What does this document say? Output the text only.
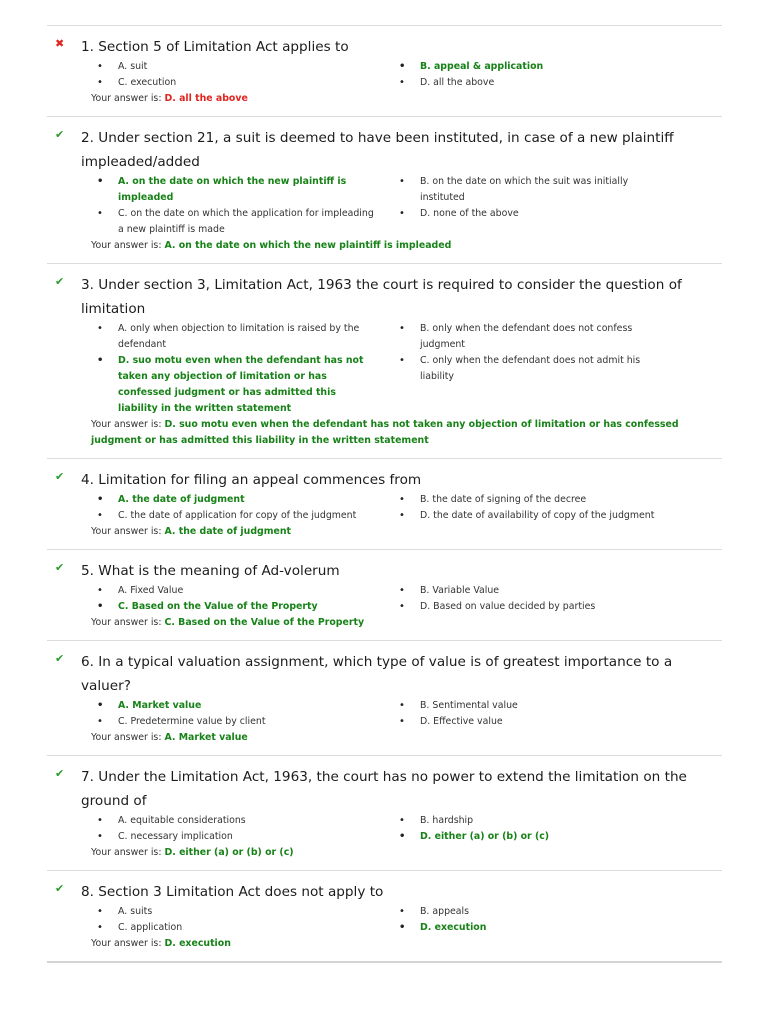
✖ 1. Section 5 of Limitation Act applies to
• A. suit	• B. appeal & application
• C. execution	• D. all the above
Your answer is: D. all the above
✔ 2. Under section 21, a suit is deemed to have been instituted, in case of a new plaintiff impleaded/added
• A. on the date on which the new plaintiff is impleaded
• B. on the date on which the suit was initially instituted
• C. on the date on which the application for impleading a new plaintiff is made
• D. none of the above
Your answer is: A. on the date on which the new plaintiff is impleaded
✔ 3. Under section 3, Limitation Act, 1963 the court is required to consider the question of limitation
• A. only when objection to limitation is raised by the defendant
• B. only when the defendant does not confess judgment
• D. suo motu even when the defendant has not taken any objection of limitation or has confessed judgment or has admitted this liability in the written statement
• C. only when the defendant does not admit his liability
Your answer is: D. suo motu even when the defendant has not taken any objection of limitation or has confessed judgment or has admitted this liability in the written statement
✔ 4. Limitation for filing an appeal commences from
• A. the date of judgment	• B. the date of signing of the decree
• C. the date of application for copy of the judgment	• D. the date of availability of copy of the judgment
Your answer is: A. the date of judgment
✔ 5. What is the meaning of Ad-volerum
• A. Fixed Value	• B. Variable Value
• C. Based on the Value of the Property	• D. Based on value decided by parties
Your answer is: C. Based on the Value of the Property
✔ 6. In a typical valuation assignment, which type of value is of greatest importance to a valuer?
• A. Market value	• B. Sentimental value
• C. Predetermine value by client	• D. Effective value
Your answer is: A. Market value
✔ 7. Under the Limitation Act, 1963, the court has no power to extend the limitation on the ground of
• A. equitable considerations	• B. hardship
• C. necessary implication	• D. either (a) or (b) or (c)
Your answer is: D. either (a) or (b) or (c)
✔ 8. Section 3 Limitation Act does not apply to
• A. suits	• B. appeals
• C. application	• D. execution
Your answer is: D. execution
